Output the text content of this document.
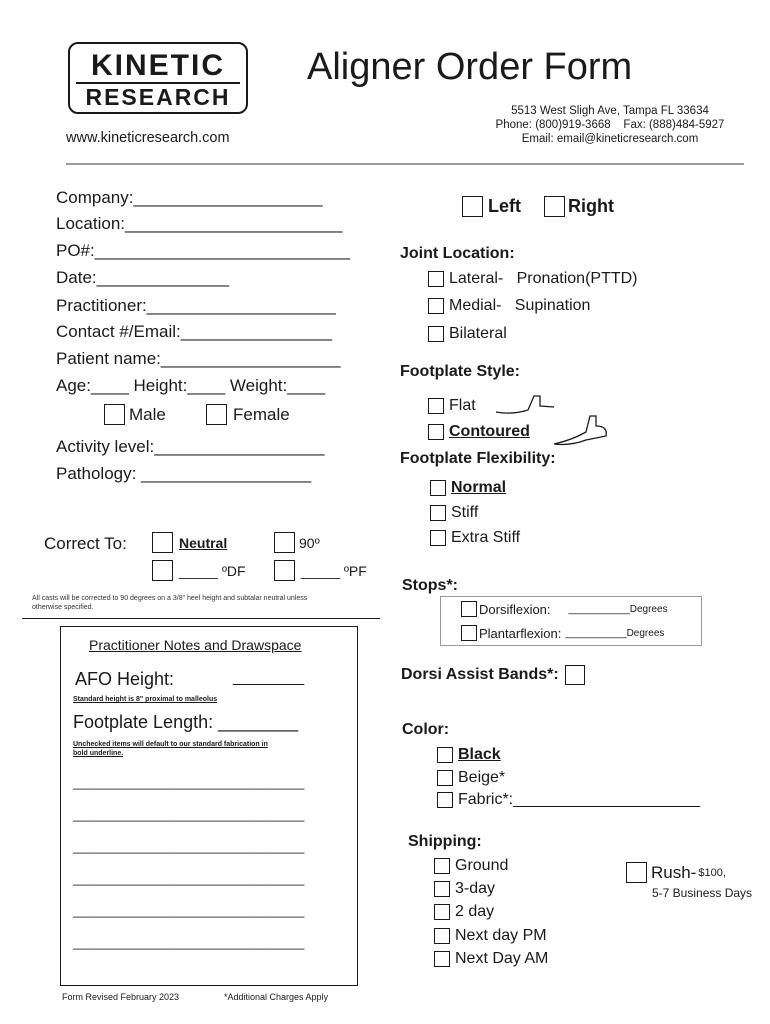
KINETIC
RESEARCH
www.kineticresearch.com
Aligner Order Form
5513 West Sligh Ave, Tampa FL 33634
Phone: (800)919-3668    Fax: (888)484-5927
Email: email@kineticresearch.com
Company:____________________
Location:_______________________
PO#:___________________________
Date:______________
Practitioner:____________________
Contact #/Email:________________
Patient name:___________________
Age:____ Height:____ Weight:____
Male	Female
Activity level:__________________
Pathology: __________________
Correct To:	Neutral	90º
_____ ºDF	_____ ºPF
All casts will be corrected to 90 degrees on a 3/8" heel height and subtalar neutral unless
otherwise specified.
Practitioner Notes and Drawspace
AFO Height:	________
Standard height is 8" proximal to malleolus
Footplate Length: ________
Unchecked items will default to our standard fabrication in
bold underline.
________________________________
________________________________
________________________________
________________________________
________________________________
________________________________
Form Revised February 2023	*Additional Charges Apply
Left	Right
Joint Location:
Lateral-   Pronation(PTTD)
Medial-   Supination
Bilateral
Footplate Style:
Flat
Contoured
Footplate Flexibility:
Normal
Stiff
Extra Stiff
Stops*:
Dorsiflexion: __________ Degrees
Plantarflexion: __________ Degrees
Dorsi Assist Bands*:
Color:
Black
Beige*
Fabric*:_____________________
Shipping:
Ground
3-day
2 day
Next day PM
Next Day AM
Rush- $100,
5-7 Business Days
